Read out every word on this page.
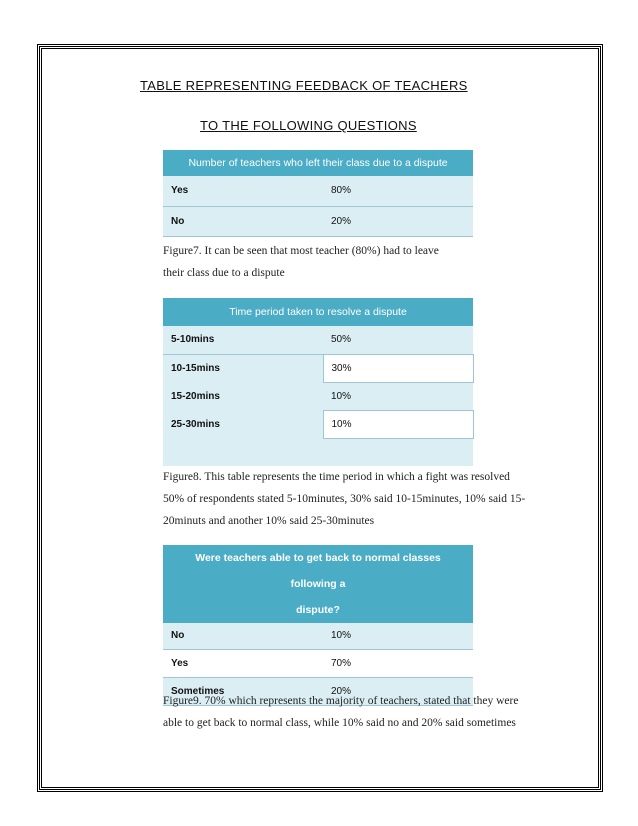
TABLE REPRESENTING FEEDBACK OF TEACHERS
TO THE FOLLOWING QUESTIONS
Number of teachers who left their class due to a dispute	
Yes	80%
No	20%
Figure7. It can be seen that most teacher (80%) had to leave
their class due to a dispute
Time period taken to resolve a dispute	
5-10mins	50%
10-15mins	30%
15-20mins	10%
25-30mins	10%

Figure8. This table represents the time period in which a fight was resolved
50% of respondents stated 5-10minutes, 30% said 10-15minutes, 10% said 15-
20minuts and another 10% said 25-30minutes
Were teachers able to get back to normal classes following a
dispute?	

No	10%
Yes	70%
Sometimes	20%
Figure9. 70% which represents the majority of teachers, stated that they were
able to get back to normal class, while 10% said no and 20% said sometimes
